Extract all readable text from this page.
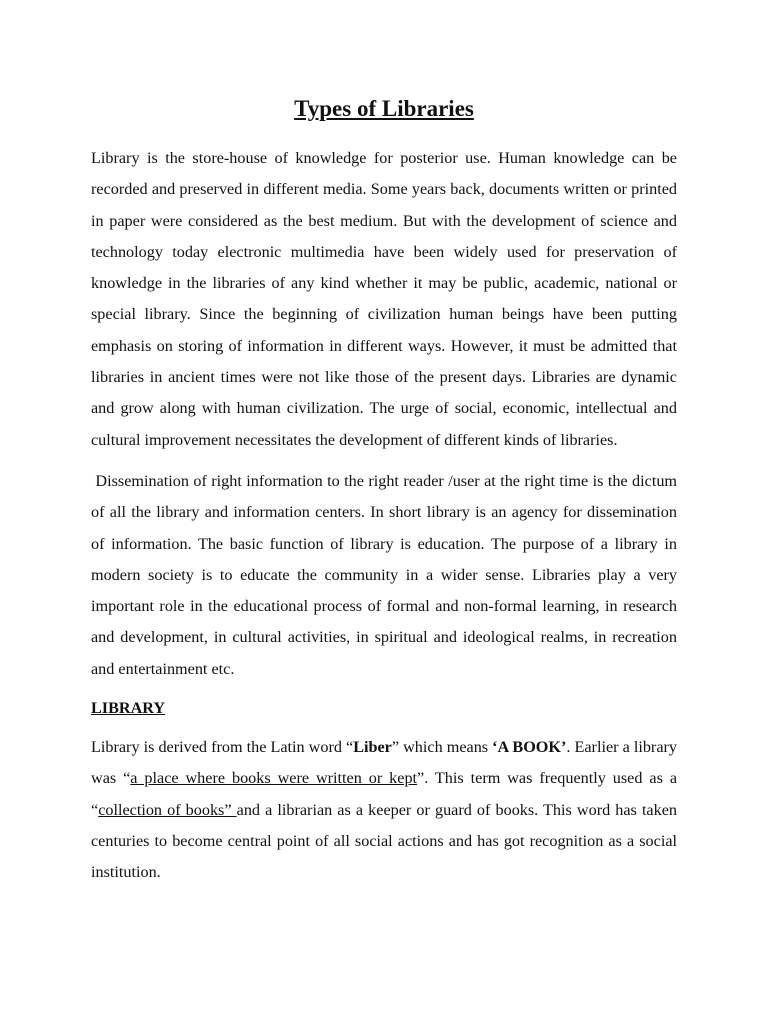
Types of Libraries

Library is the store-house of knowledge for posterior use. Human knowledge can be recorded and preserved in different media. Some years back, documents written or printed in paper were considered as the best medium. But with the development of science and technology today electronic multimedia have been widely used for preservation of knowledge in the libraries of any kind whether it may be public, academic, national or special library. Since the beginning of civilization human beings have been putting emphasis on storing of information in different ways. However, it must be admitted that libraries in ancient times were not like those of the present days. Libraries are dynamic and grow along with human civilization. The urge of social, economic, intellectual and cultural improvement necessitates the development of different kinds of libraries.

Dissemination of right information to the right reader /user at the right time is the dictum of all the library and information centers. In short library is an agency for dissemination of information. The basic function of library is education. The purpose of a library in modern society is to educate the community in a wider sense. Libraries play a very important role in the educational process of formal and non-formal learning, in research and development, in cultural activities, in spiritual and ideological realms, in recreation and entertainment etc.

LIBRARY

Library is derived from the Latin word “Liber” which means ‘A BOOK’. Earlier a library was “a place where books were written or kept”. This term was frequently used as a “collection of books” and a librarian as a keeper or guard of books. This word has taken centuries to become central point of all social actions and has got recognition as a social institution.
